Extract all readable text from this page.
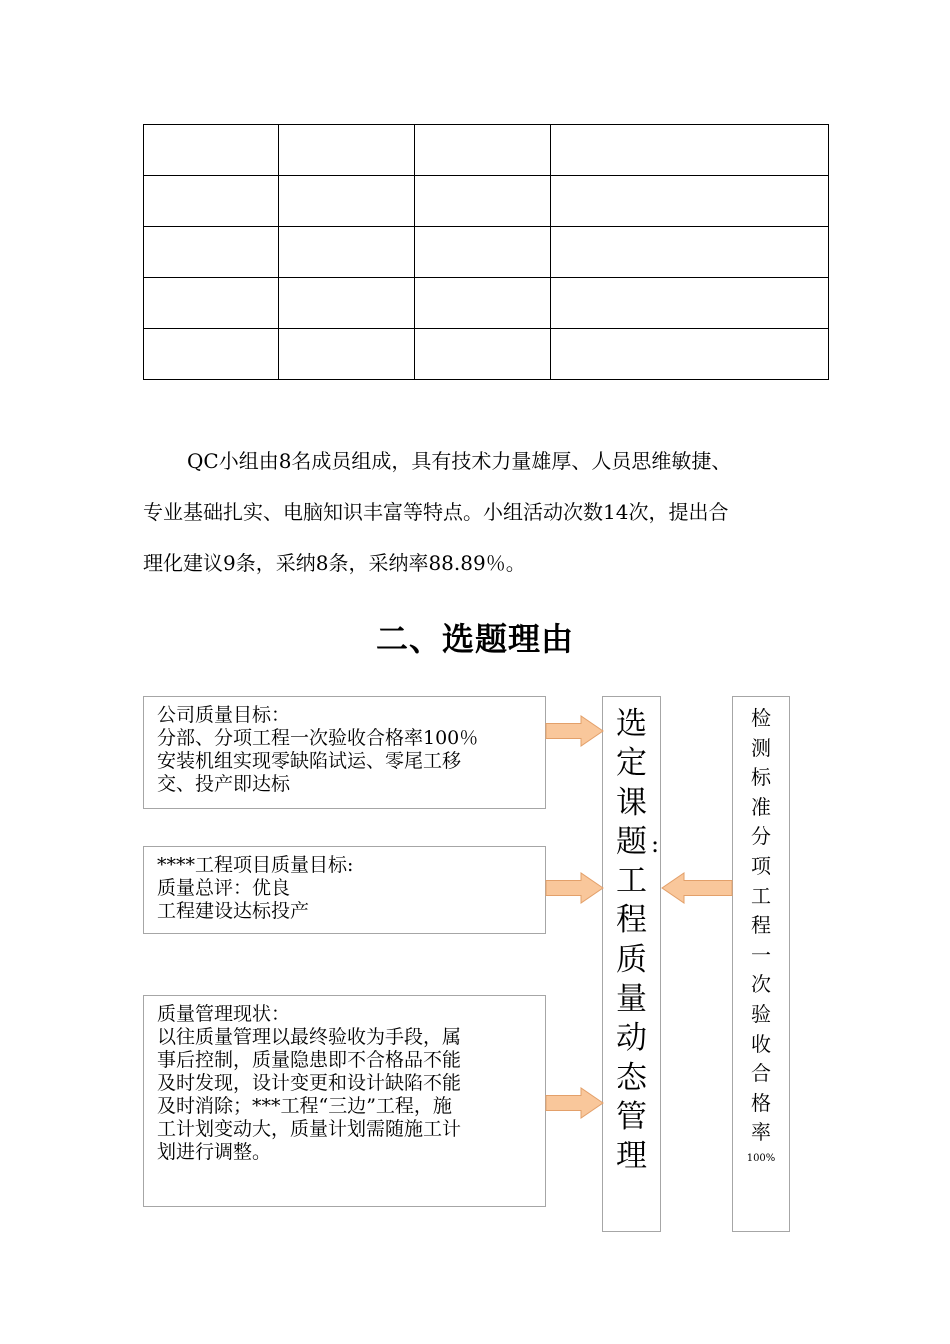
QC小组由8名成员组成，具有技术力量雄厚、人员思维敏捷、
专业基础扎实、电脑知识丰富等特点。小组活动次数14次，提出合
理化建议9条，采纳8条，采纳率88.89％。

二、选题理由
公司质量目标：
分部、分项工程一次验收合格率100％
安装机组实现零缺陷试运、零尾工移
交、投产即达标
****工程项目质量目标:
质量总评：优良
工程建设达标投产
质量管理现状：
以往质量管理以最终验收为手段，属
事后控制，质量隐患即不合格品不能
及时发现，设计变更和设计缺陷不能
及时消除；***工程“三边”工程，施
工计划变动大，质量计划需随施工计
划进行调整。
选
定
课
题
工
程
质
量
动
态
管
理
:
检
测
标
准
分
项
工
程
一
次
验
收
合
格
率
100%
